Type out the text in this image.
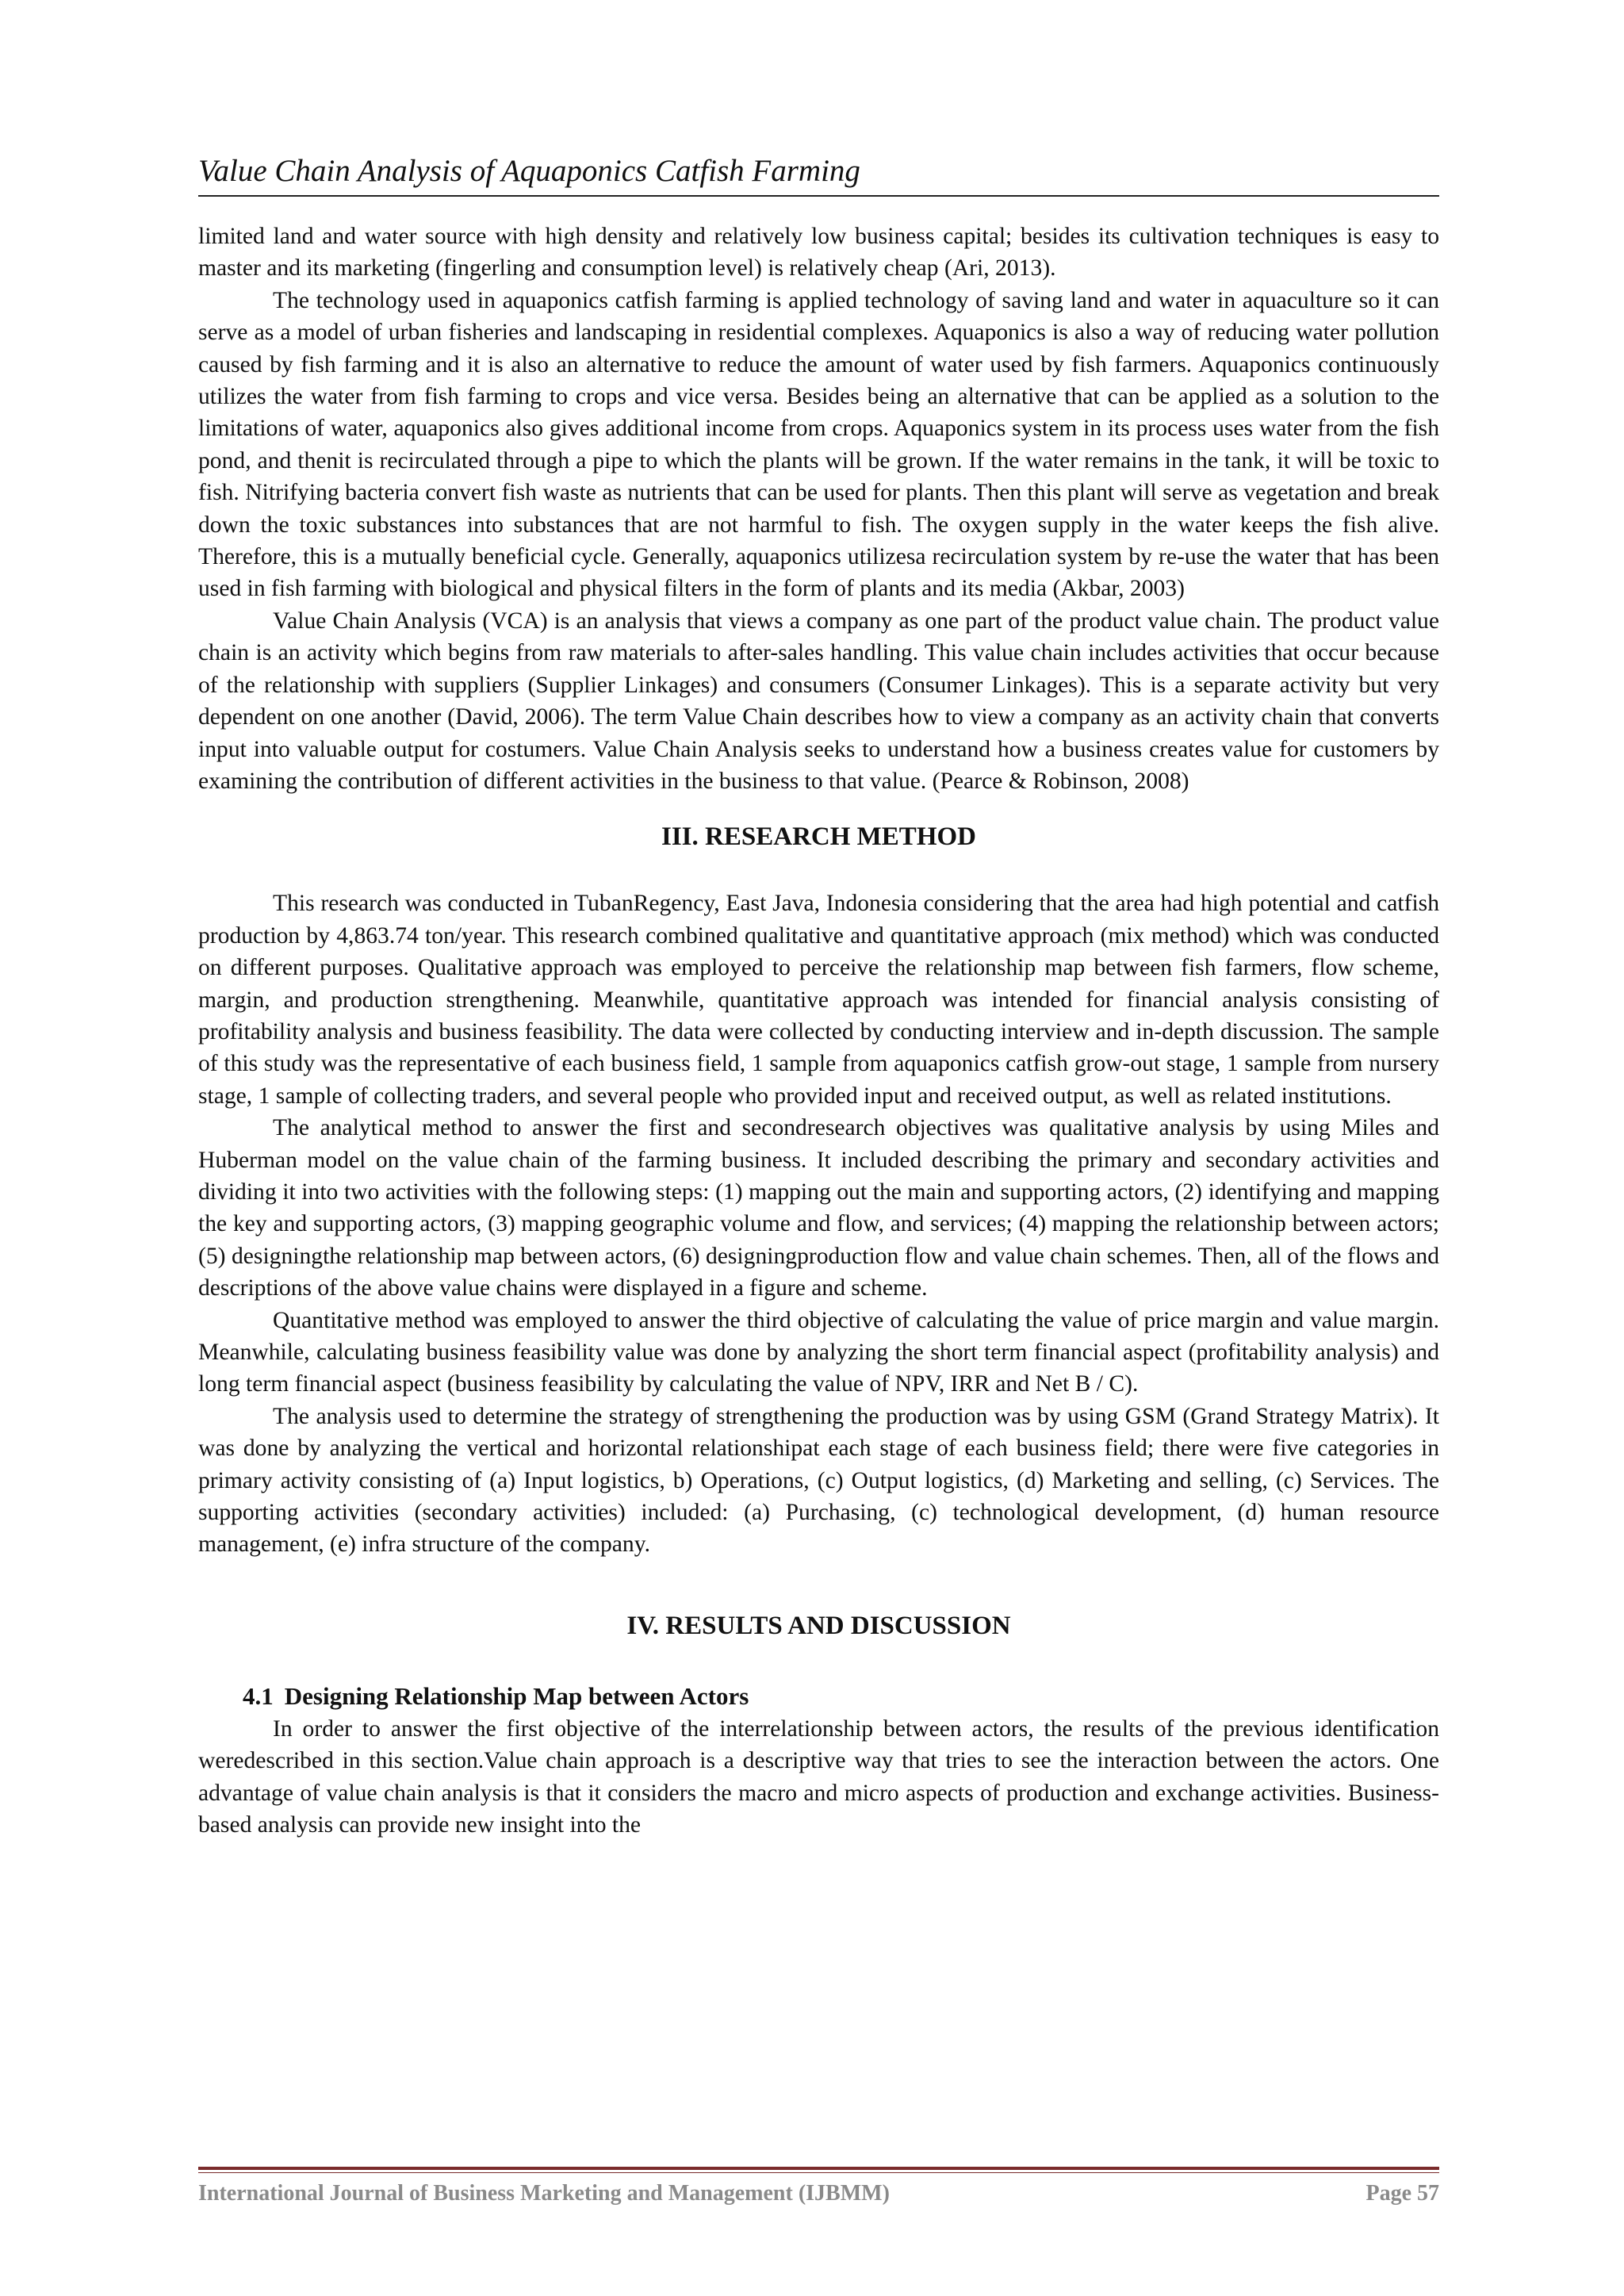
Value Chain Analysis of Aquaponics Catfish Farming

limited land and water source with high density and relatively low business capital; besides its cultivation techniques is easy to master and its marketing (fingerling and consumption level) is relatively cheap (Ari, 2013).

The technology used in aquaponics catfish farming is applied technology of saving land and water in aquaculture so it can serve as a model of urban fisheries and landscaping in residential complexes. Aquaponics is also a way of reducing water pollution caused by fish farming and it is also an alternative to reduce the amount of water used by fish farmers. Aquaponics continuously utilizes the water from fish farming to crops and vice versa. Besides being an alternative that can be applied as a solution to the limitations of water, aquaponics also gives additional income from crops. Aquaponics system in its process uses water from the fish pond, and thenit is recirculated through a pipe to which the plants will be grown. If the water remains in the tank, it will be toxic to fish. Nitrifying bacteria convert fish waste as nutrients that can be used for plants. Then this plant will serve as vegetation and break down the toxic substances into substances that are not harmful to fish. The oxygen supply in the water keeps the fish alive. Therefore, this is a mutually beneficial cycle. Generally, aquaponics utilizesa recirculation system by re-use the water that has been used in fish farming with biological and physical filters in the form of plants and its media (Akbar, 2003)

Value Chain Analysis (VCA) is an analysis that views a company as one part of the product value chain. The product value chain is an activity which begins from raw materials to after-sales handling. This value chain includes activities that occur because of the relationship with suppliers (Supplier Linkages) and consumers (Consumer Linkages). This is a separate activity but very dependent on one another (David, 2006). The term Value Chain describes how to view a company as an activity chain that converts input into valuable output for costumers. Value Chain Analysis seeks to understand how a business creates value for customers by examining the contribution of different activities in the business to that value. (Pearce & Robinson, 2008)

III. RESEARCH METHOD

This research was conducted in TubanRegency, East Java, Indonesia considering that the area had high potential and catfish production by 4,863.74 ton/year. This research combined qualitative and quantitative approach (mix method) which was conducted on different purposes. Qualitative approach was employed to perceive the relationship map between fish farmers, flow scheme, margin, and production strengthening. Meanwhile, quantitative approach was intended for financial analysis consisting of profitability analysis and business feasibility. The data were collected by conducting interview and in-depth discussion. The sample of this study was the representative of each business field, 1 sample from aquaponics catfish grow-out stage, 1 sample from nursery stage, 1 sample of collecting traders, and several people who provided input and received output, as well as related institutions.

The analytical method to answer the first and secondresearch objectives was qualitative analysis by using Miles and Huberman model on the value chain of the farming business. It included describing the primary and secondary activities and dividing it into two activities with the following steps: (1) mapping out the main and supporting actors, (2) identifying and mapping the key and supporting actors, (3) mapping geographic volume and flow, and services; (4) mapping the relationship between actors; (5) designingthe relationship map between actors, (6) designingproduction flow and value chain schemes. Then, all of the flows and descriptions of the above value chains were displayed in a figure and scheme.

Quantitative method was employed to answer the third objective of calculating the value of price margin and value margin. Meanwhile, calculating business feasibility value was done by analyzing the short term financial aspect (profitability analysis) and long term financial aspect (business feasibility by calculating the value of NPV, IRR and Net B / C).

The analysis used to determine the strategy of strengthening the production was by using GSM (Grand Strategy Matrix). It was done by analyzing the vertical and horizontal relationshipat each stage of each business field; there were five categories in primary activity consisting of (a) Input logistics, b) Operations, (c) Output logistics, (d) Marketing and selling, (c) Services. The supporting activities (secondary activities) included: (a) Purchasing, (c) technological development, (d) human resource management, (e) infra structure of the company.

IV. RESULTS AND DISCUSSION
4.1 Designing Relationship Map between Actors

In order to answer the first objective of the interrelationship between actors, the results of the previous identification weredescribed in this section.Value chain approach is a descriptive way that tries to see the interaction between the actors. One advantage of value chain analysis is that it considers the macro and micro aspects of production and exchange activities. Business-based analysis can provide new insight into the

International Journal of Business Marketing and Management (IJBMM)	Page 57
